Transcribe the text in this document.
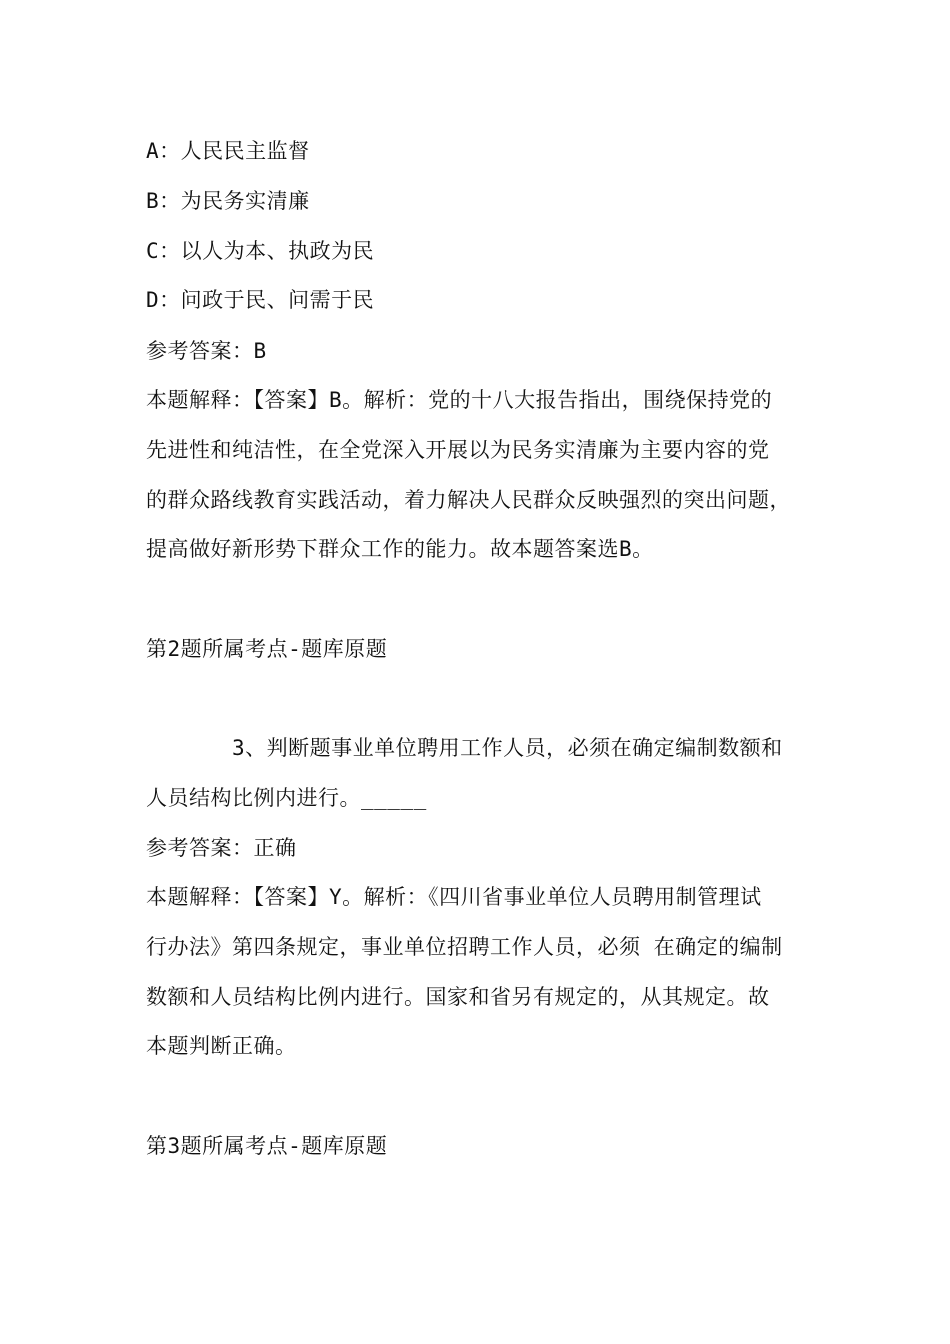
A：人民民主监督
B：为民务实清廉
C：以人为本、执政为民
D：问政于民、问需于民
参考答案：B
本题解释：【答案】B。解析：党的十八大报告指出，围绕保持党的
先进性和纯洁性，在全党深入开展以为民务实清廉为主要内容的党
的群众路线教育实践活动，着力解决人民群众反映强烈的突出问题，
提高做好新形势下群众工作的能力。故本题答案选B。
第2题所属考点-题库原题
3、判断题事业单位聘用工作人员，必须在确定编制数额和
人员结构比例内进行。_____
参考答案：正确
本题解释：【答案】Y。解析：《四川省事业单位人员聘用制管理试
行办法》第四条规定，事业单位招聘工作人员，必须 在确定的编制
数额和人员结构比例内进行。国家和省另有规定的，从其规定。故
本题判断正确。
第3题所属考点-题库原题
